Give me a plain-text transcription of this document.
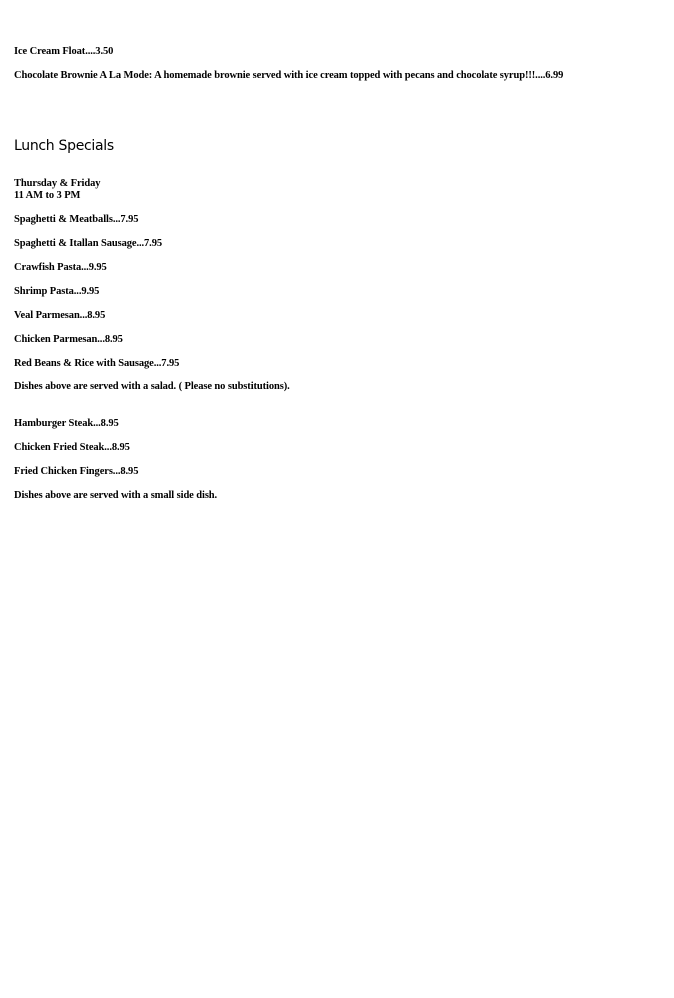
Ice Cream Float....3.50
Chocolate Brownie A La Mode: A homemade brownie served with ice cream topped with pecans and chocolate syrup!!!....6.99
Lunch Specials
Thursday & Friday
11 AM to 3 PM
Spaghetti & Meatballs...7.95
Spaghetti & Itallan Sausage...7.95
Crawfish Pasta...9.95
Shrimp Pasta...9.95
Veal Parmesan...8.95
Chicken Parmesan...8.95
Red Beans & Rice with Sausage...7.95
Dishes above are served with a salad. ( Please no substitutions).
Hamburger Steak...8.95
Chicken Fried Steak...8.95
Fried Chicken Fingers...8.95
Dishes above are served with a small side dish.
